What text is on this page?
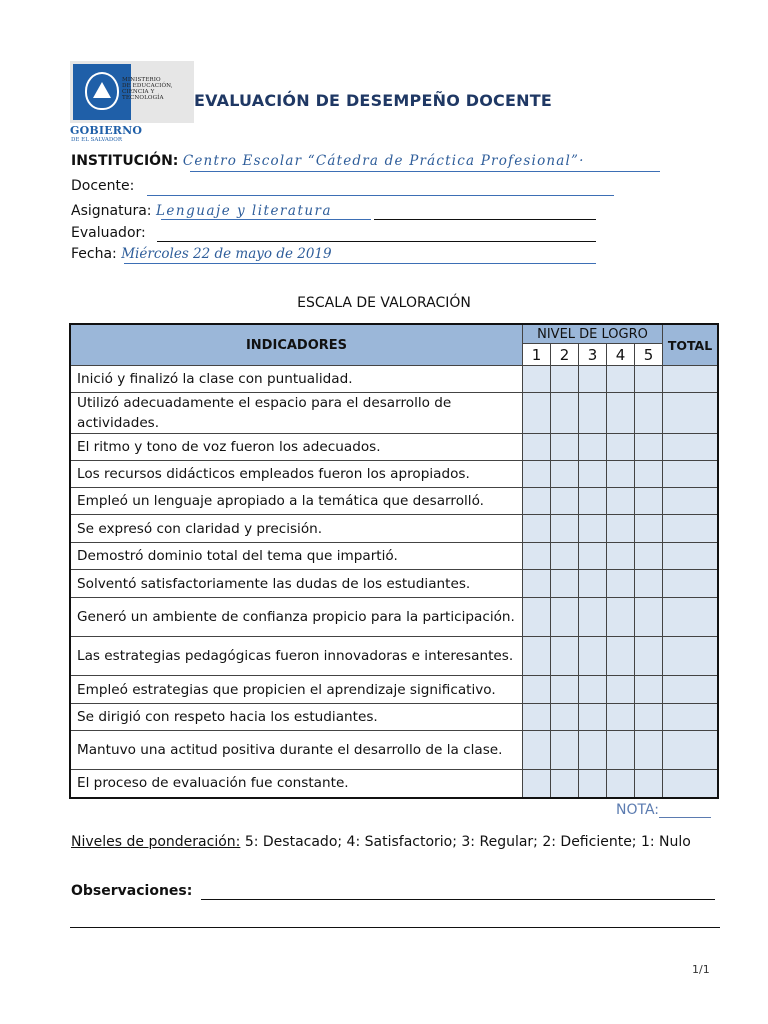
MINISTERIO
DE EDUCACIÓN,
CIENCIA Y
TECNOLOGÍA
GOBIERNO
DE EL SALVADOR
EVALUACIÓN DE DESEMPEÑO DOCENTE
INSTITUCIÓN: Centro Escolar “Cátedra de Práctica Profesional”·
Docente:
Asignatura: Lenguaje y literatura
Evaluador:
Fecha: Miércoles 22 de mayo de 2019
ESCALA DE VALORACIÓN
INDICADORES	NIVEL DE LOGRO					TOTAL
	1	2	3	4	5	
Inició y finalizó la clase con puntualidad.						
Utilizó adecuadamente el espacio para el desarrollo de actividades.						
El ritmo y tono de voz fueron los adecuados.						
Los recursos didácticos empleados fueron los apropiados.						
Empleó un lenguaje apropiado a la temática que desarrolló.						
Se expresó con claridad y precisión.						
Demostró dominio total del tema que impartió.						
Solventó satisfactoriamente las dudas de los estudiantes.						
Generó un ambiente de confianza propicio para la participación.						
Las estrategias pedagógicas fueron innovadoras e interesantes.						
Empleó estrategias que propicien el aprendizaje significativo.						
Se dirigió con respeto hacia los estudiantes.						
Mantuvo una actitud positiva durante el desarrollo de la clase.						
El proceso de evaluación fue constante.						
NOTA:
Niveles de ponderación: 5: Destacado; 4: Satisfactorio; 3: Regular; 2: Deficiente; 1: Nulo
Observaciones:
1/1
